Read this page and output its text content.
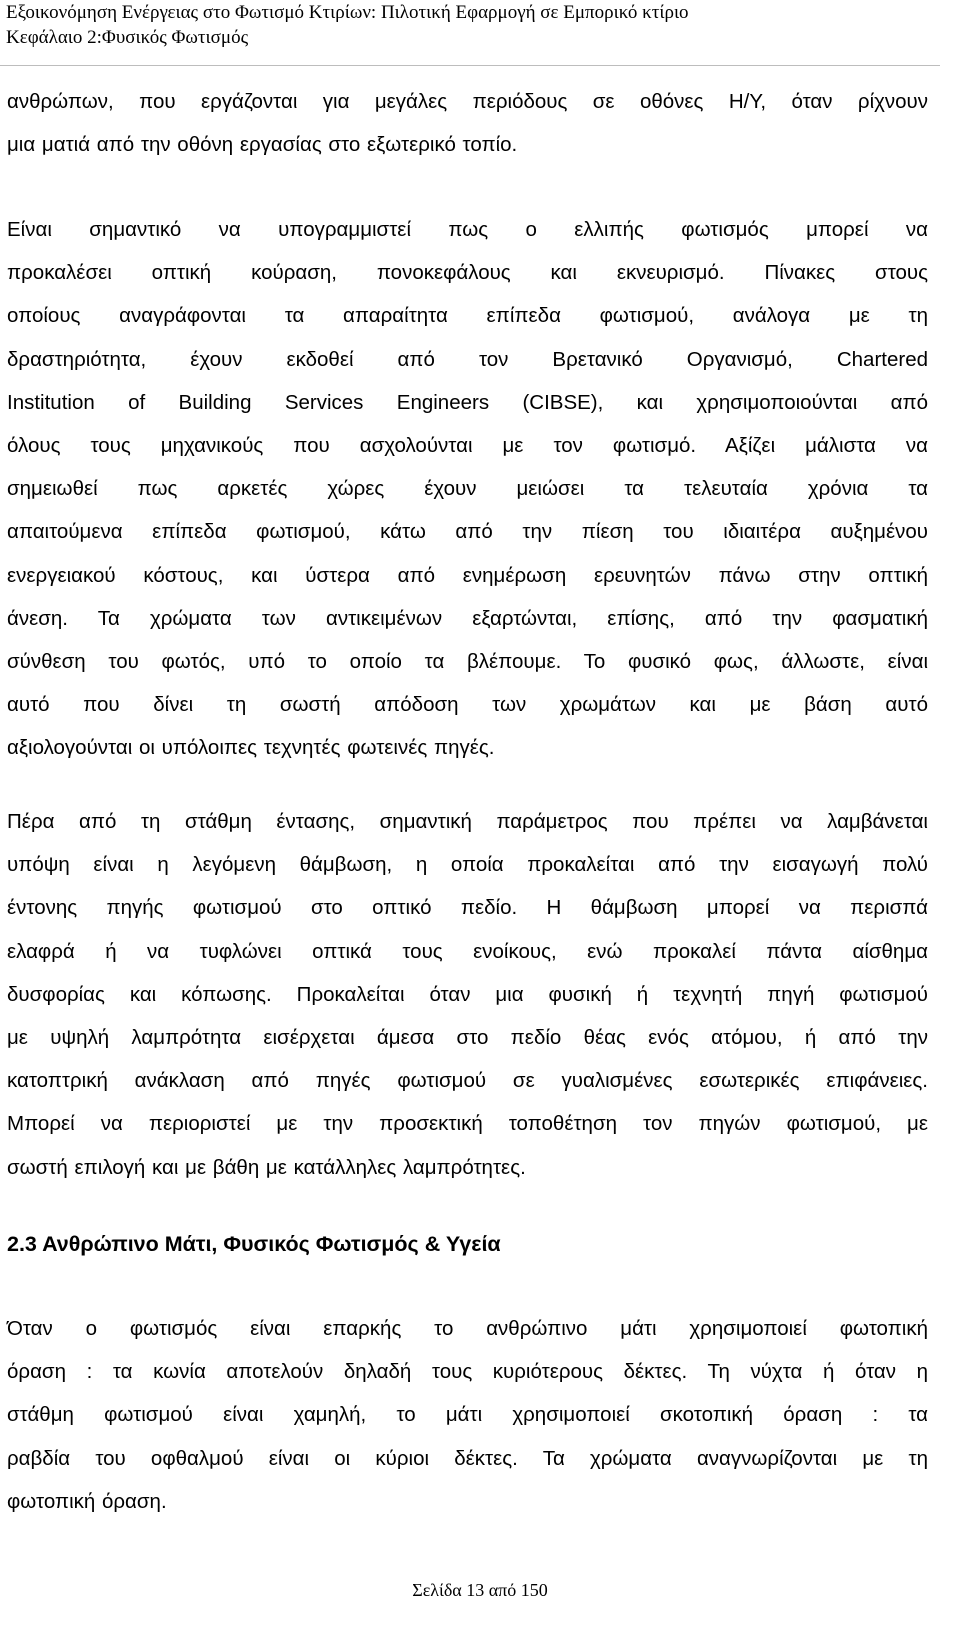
Εξοικονόμηση Ενέργειας στο Φωτισμό Κτιρίων: Πιλοτική Εφαρμογή σε Εμπορικό κτίριο
Κεφάλαιο 2:Φυσικός Φωτισμός
ανθρώπων, που εργάζονται για μεγάλες περιόδους σε οθόνες Η/Υ, όταν ρίχνουν
μια ματιά από την οθόνη εργασίας στο εξωτερικό τοπίο.
Είναι σημαντικό να υπογραμμιστεί πως ο ελλιπής φωτισμός μπορεί να
προκαλέσει οπτική κούραση, πονοκεφάλους και εκνευρισμό. Πίνακες στους
οποίους αναγράφονται τα απαραίτητα επίπεδα φωτισμού, ανάλογα με τη
δραστηριότητα, έχουν εκδοθεί από τον Βρετανικό Οργανισμό, Chartered
Institution of Building Services Engineers (CIBSE), και χρησιμοποιούνται από
όλους τους μηχανικούς που ασχολούνται με τον φωτισμό. Αξίζει μάλιστα να
σημειωθεί πως αρκετές χώρες έχουν μειώσει τα τελευταία χρόνια τα
απαιτούμενα επίπεδα φωτισμού, κάτω από την πίεση του ιδιαιτέρα αυξημένου
ενεργειακού κόστους, και ύστερα από ενημέρωση ερευνητών πάνω στην οπτική
άνεση. Τα χρώματα των αντικειμένων εξαρτώνται, επίσης, από την φασματική
σύνθεση του φωτός, υπό το οποίο τα βλέπουμε. Το φυσικό φως, άλλωστε, είναι
αυτό που δίνει τη σωστή απόδοση των χρωμάτων και με βάση αυτό
αξιολογούνται οι υπόλοιπες τεχνητές φωτεινές πηγές.
Πέρα από τη στάθμη έντασης, σημαντική παράμετρος που πρέπει να λαμβάνεται
υπόψη είναι η λεγόμενη θάμβωση, η οποία προκαλείται από την εισαγωγή πολύ
έντονης πηγής φωτισμού στο οπτικό πεδίο. Η θάμβωση μπορεί να περισπά
ελαφρά ή να τυφλώνει οπτικά τους ενοίκους, ενώ προκαλεί πάντα αίσθημα
δυσφορίας και κόπωσης. Προκαλείται όταν μια φυσική ή τεχνητή πηγή φωτισμού
με υψηλή λαμπρότητα εισέρχεται άμεσα στο πεδίο θέας ενός ατόμου, ή από την
κατοπτρική ανάκλαση από πηγές φωτισμού σε γυαλισμένες εσωτερικές επιφάνειες.
Μπορεί να περιοριστεί με την προσεκτική τοποθέτηση τον πηγών φωτισμού, με
σωστή επιλογή και με βάθη με κατάλληλες λαμπρότητες.
2.3 Ανθρώπινο Μάτι, Φυσικός Φωτισμός & Υγεία
Όταν ο φωτισμός είναι επαρκής το ανθρώπινο μάτι χρησιμοποιεί φωτοπική
όραση : τα κωνία αποτελούν δηλαδή τους κυριότερους δέκτες. Τη νύχτα ή όταν η
στάθμη φωτισμού είναι χαμηλή, το μάτι χρησιμοποιεί σκοτοπική όραση : τα
ραβδία του οφθαλμού είναι οι κύριοι δέκτες. Τα χρώματα αναγνωρίζονται με τη
φωτοπική όραση.
Σελίδα 13 από 150
